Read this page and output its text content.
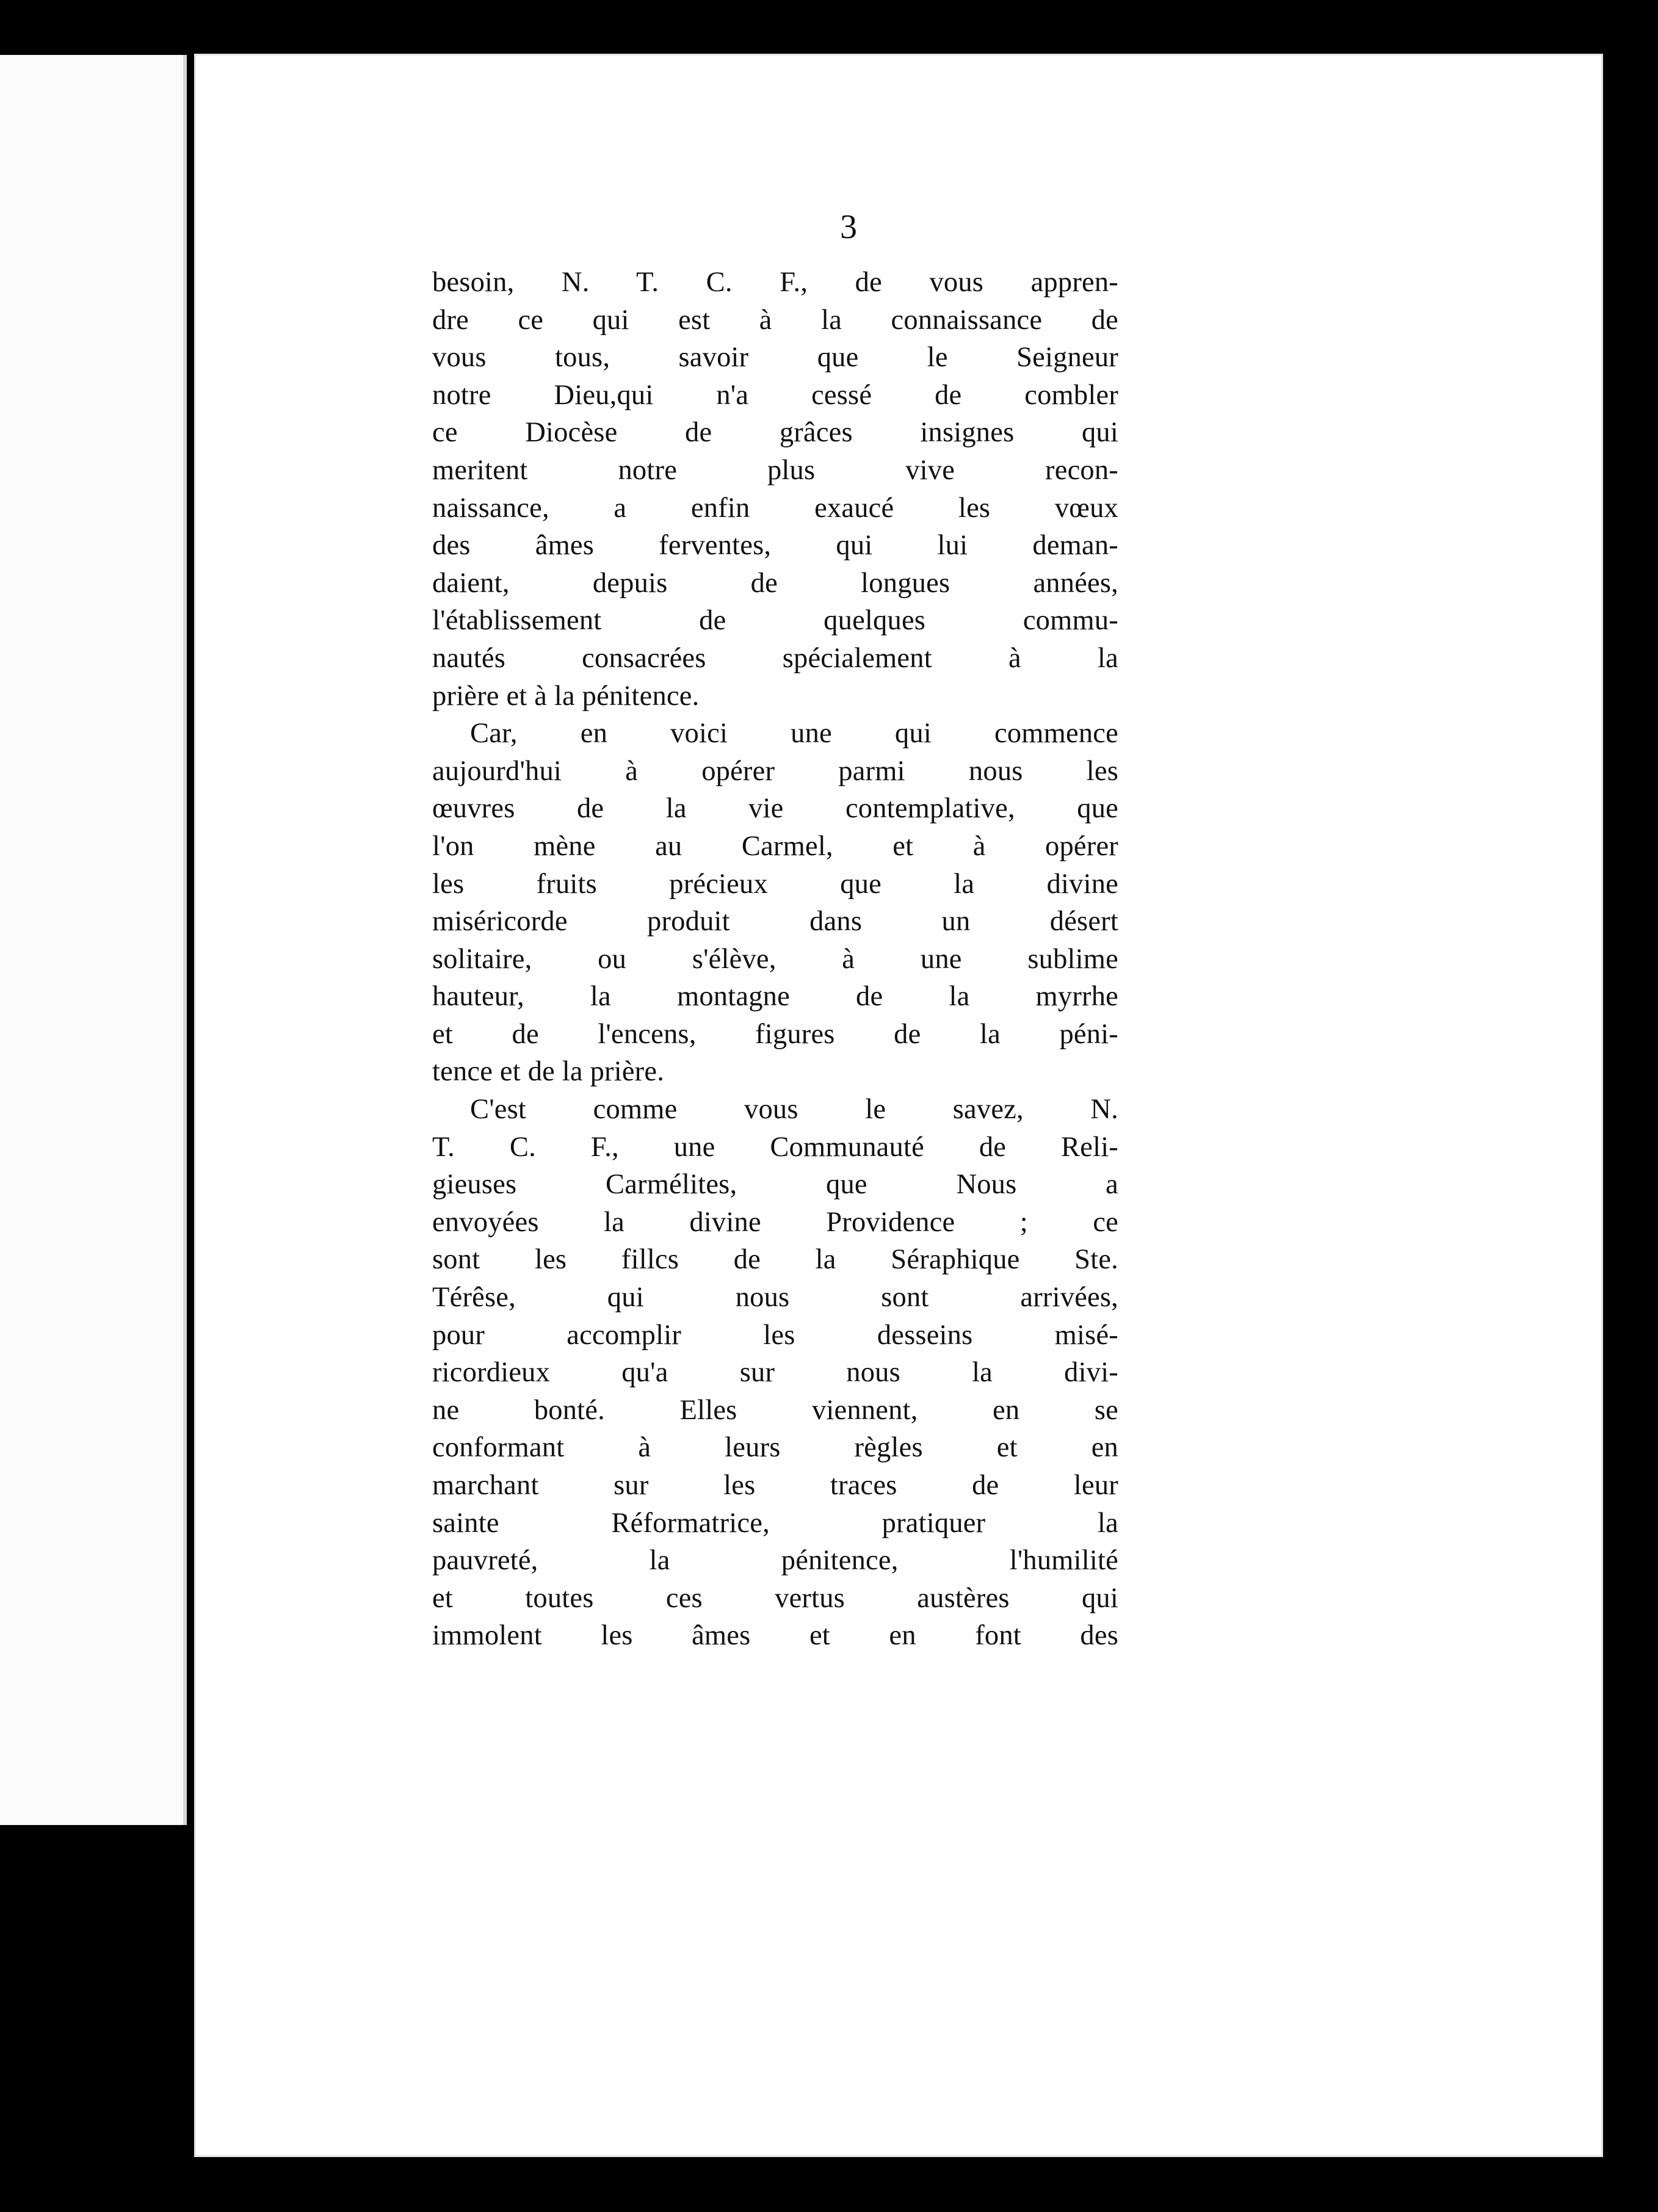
3
besoin, N. T. C. F., de vous appren-
dre ce qui est à la connaissance de
vous tous, savoir que le Seigneur
notre Dieu,qui n'a cessé de combler
ce Diocèse de grâces insignes qui
meritent notre plus vive recon-
naissance, a enfin exaucé les vœux
des âmes ferventes, qui lui deman-
daient, depuis de longues années,
l'établissement de quelques commu-
nautés consacrées spécialement à la
prière et à la pénitence.
Car, en voici une qui commence
aujourd'hui à opérer parmi nous les
œuvres de la vie contemplative, que
l'on mène au Carmel, et à opérer
les fruits précieux que la divine
miséricorde produit dans un désert
solitaire, ou s'élève, à une sublime
hauteur, la montagne de la myrrhe
et de l'encens, figures de la péni-
tence et de la prière.
C'est comme vous le savez, N.
T. C. F., une Communauté de Reli-
gieuses Carmélites, que Nous a
envoyées la divine Providence ; ce
sont les fillcs de la Séraphique Ste.
Térêse, qui nous sont arrivées,
pour accomplir les desseins misé-
ricordieux qu'a sur nous la divi-
ne bonté. Elles viennent, en se
conformant à leurs règles et en
marchant sur les traces de leur
sainte Réformatrice, pratiquer la
pauvreté, la pénitence, l'humilité
et toutes ces vertus austères qui
immolent les âmes et en font des
